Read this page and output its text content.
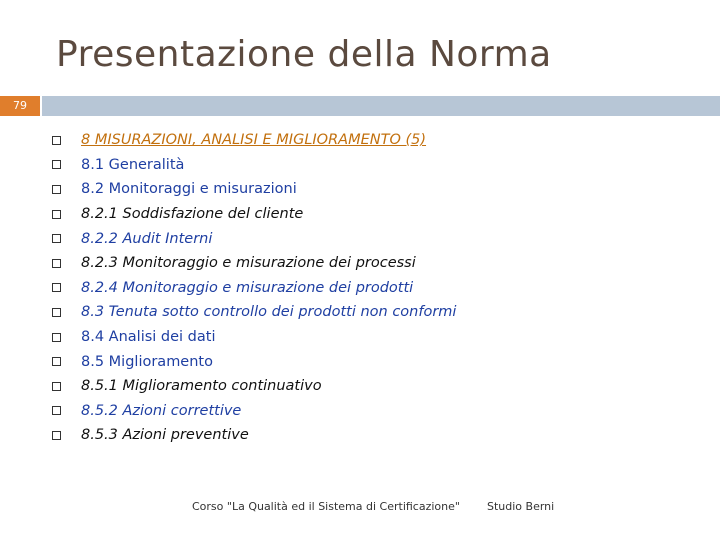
Presentazione della Norma
79
8 MISURAZIONI, ANALISI E MIGLIORAMENTO (5)
8.1 Generalità
8.2 Monitoraggi e misurazioni
8.2.1 Soddisfazione del cliente
8.2.2 Audit Interni
8.2.3 Monitoraggio e misurazione dei processi
8.2.4 Monitoraggio e misurazione dei prodotti
8.3 Tenuta sotto controllo dei prodotti non conformi
8.4 Analisi dei dati
8.5 Miglioramento
8.5.1 Miglioramento continuativo
8.5.2 Azioni correttive
8.5.3 Azioni preventive
Corso "La Qualità ed il Sistema di Certificazione" Studio Berni
